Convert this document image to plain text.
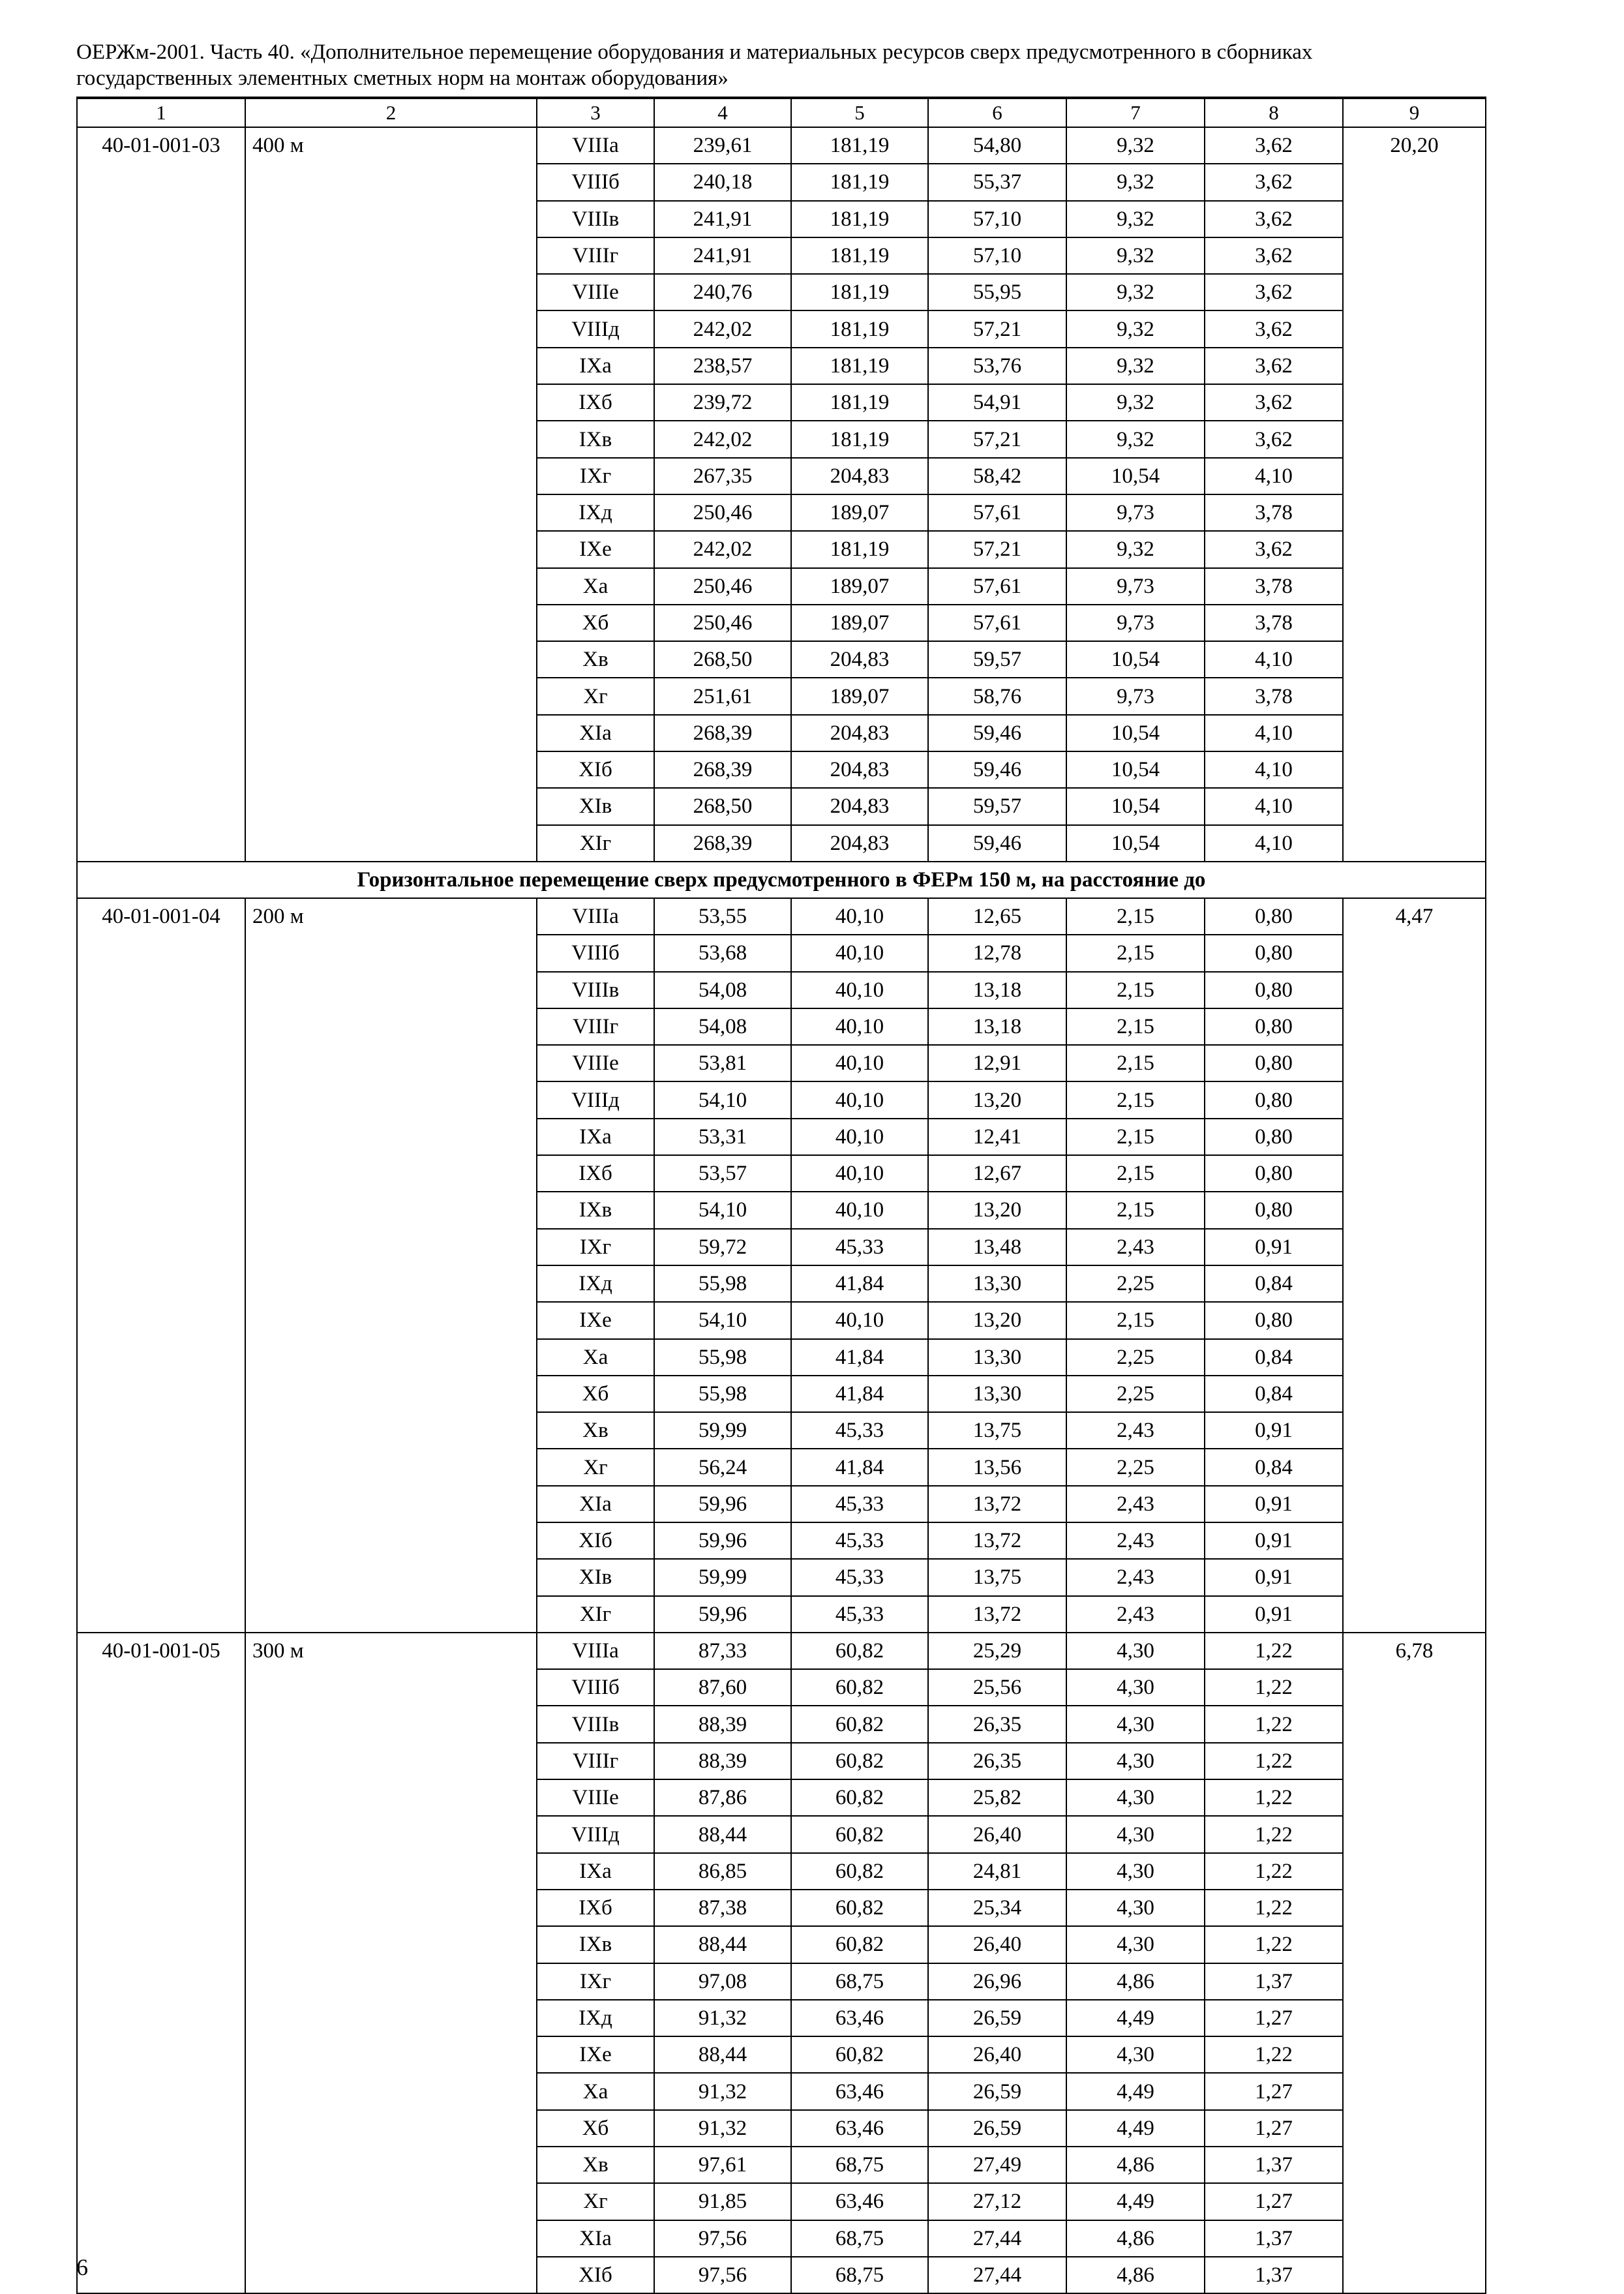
ОЕРЖм-2001. Часть 40. «Дополнительное перемещение оборудования и материальных ресурсов сверх предусмотренного в сборниках
государственных элементных сметных норм на монтаж оборудования»
1	2	3	4	5	6	7	8	9
40-01-001-03	400 м	VIIIа	239,61	181,19	54,80	9,32	3,62	20,20
		VIIIб	240,18	181,19	55,37	9,32	3,62	
		VIIIв	241,91	181,19	57,10	9,32	3,62	
		VIIIг	241,91	181,19	57,10	9,32	3,62	
		VIIIе	240,76	181,19	55,95	9,32	3,62	
		VIIIд	242,02	181,19	57,21	9,32	3,62	
		IXа	238,57	181,19	53,76	9,32	3,62	
		IXб	239,72	181,19	54,91	9,32	3,62	
		IXв	242,02	181,19	57,21	9,32	3,62	
		IXг	267,35	204,83	58,42	10,54	4,10	
		IXд	250,46	189,07	57,61	9,73	3,78	
		IXе	242,02	181,19	57,21	9,32	3,62	
		Xа	250,46	189,07	57,61	9,73	3,78	
		Xб	250,46	189,07	57,61	9,73	3,78	
		Xв	268,50	204,83	59,57	10,54	4,10	
		Xг	251,61	189,07	58,76	9,73	3,78	
		XIа	268,39	204,83	59,46	10,54	4,10	
		XIб	268,39	204,83	59,46	10,54	4,10	
		XIв	268,50	204,83	59,57	10,54	4,10	
		XIг	268,39	204,83	59,46	10,54	4,10	
Горизонтальное перемещение сверх предусмотренного в ФЕРм 150 м, на расстояние до								
40-01-001-04	200 м	VIIIа	53,55	40,10	12,65	2,15	0,80	4,47
		VIIIб	53,68	40,10	12,78	2,15	0,80	
		VIIIв	54,08	40,10	13,18	2,15	0,80	
		VIIIг	54,08	40,10	13,18	2,15	0,80	
		VIIIе	53,81	40,10	12,91	2,15	0,80	
		VIIIд	54,10	40,10	13,20	2,15	0,80	
		IXа	53,31	40,10	12,41	2,15	0,80	
		IXб	53,57	40,10	12,67	2,15	0,80	
		IXв	54,10	40,10	13,20	2,15	0,80	
		IXг	59,72	45,33	13,48	2,43	0,91	
		IXд	55,98	41,84	13,30	2,25	0,84	
		IXе	54,10	40,10	13,20	2,15	0,80	
		Xа	55,98	41,84	13,30	2,25	0,84	
		Xб	55,98	41,84	13,30	2,25	0,84	
		Xв	59,99	45,33	13,75	2,43	0,91	
		Xг	56,24	41,84	13,56	2,25	0,84	
		XIа	59,96	45,33	13,72	2,43	0,91	
		XIб	59,96	45,33	13,72	2,43	0,91	
		XIв	59,99	45,33	13,75	2,43	0,91	
		XIг	59,96	45,33	13,72	2,43	0,91	
40-01-001-05	300 м	VIIIа	87,33	60,82	25,29	4,30	1,22	6,78
		VIIIб	87,60	60,82	25,56	4,30	1,22	
		VIIIв	88,39	60,82	26,35	4,30	1,22	
		VIIIг	88,39	60,82	26,35	4,30	1,22	
		VIIIе	87,86	60,82	25,82	4,30	1,22	
		VIIIд	88,44	60,82	26,40	4,30	1,22	
		IXа	86,85	60,82	24,81	4,30	1,22	
		IXб	87,38	60,82	25,34	4,30	1,22	
		IXв	88,44	60,82	26,40	4,30	1,22	
		IXг	97,08	68,75	26,96	4,86	1,37	
		IXд	91,32	63,46	26,59	4,49	1,27	
		IXе	88,44	60,82	26,40	4,30	1,22	
		Xа	91,32	63,46	26,59	4,49	1,27	
		Xб	91,32	63,46	26,59	4,49	1,27	
		Xв	97,61	68,75	27,49	4,86	1,37	
		Xг	91,85	63,46	27,12	4,49	1,27	
		XIа	97,56	68,75	27,44	4,86	1,37	
		XIб	97,56	68,75	27,44	4,86	1,37	
6
